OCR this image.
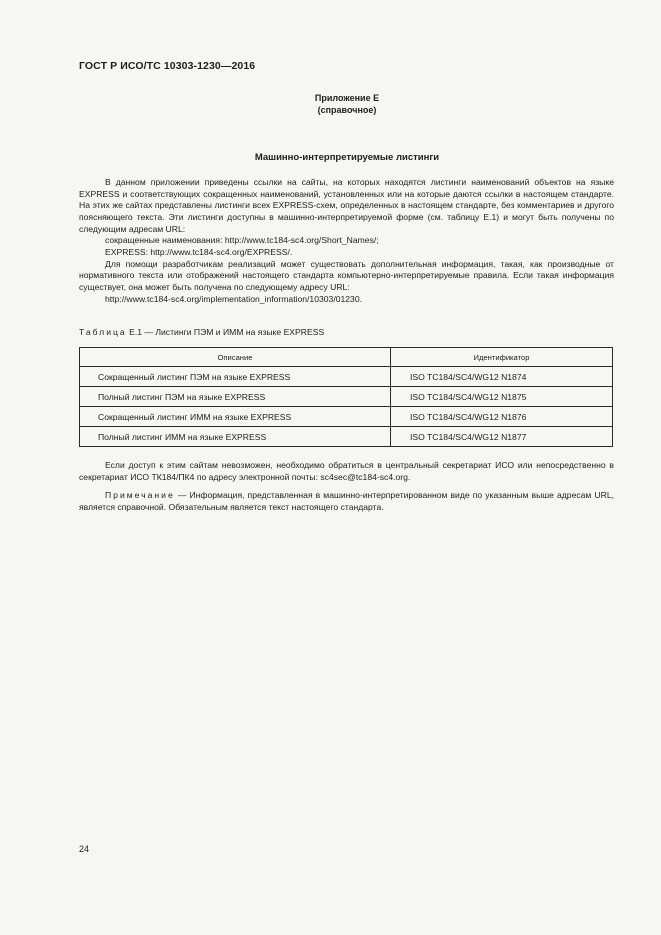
ГОСТ Р ИСО/ТС 10303-1230—2016
Приложение Е
(справочное)
Машинно-интерпретируемые листинги

В данном приложении приведены ссылки на сайты, на которых находятся листинги наименований объектов на языке EXPRESS и соответствующих сокращенных наименований, установленных или на которые даются ссылки в настоящем стандарте. На этих же сайтах представлены листинги всех EXPRESS-схем, определенных в настоящем стандарте, без комментариев и другого поясняющего текста. Эти листинги доступны в машинно-интерпретируемой форме (см. таблицу Е.1) и могут быть получены по следующим адресам URL:

сокращенные наименования: http://www.tc184-sc4.org/Short_Names/;

EXPRESS: http://www.tc184-sc4.org/EXPRESS/.

Для помощи разработчикам реализаций может существовать дополнительная информация, такая, как производные от нормативного текста или отображений настоящего стандарта компьютерно-интерпретируемые правила. Если такая информация существует, она может быть получена по следующему адресу URL:

http://www.tc184-sc4.org/implementation_information/10303/01230.

Таблица Е.1 — Листинги ПЭМ и ИММ на языке EXPRESS
Описание	Идентификатор
Сокращенный листинг ПЭМ на языке EXPRESS	ISO TC184/SC4/WG12 N1874
Полный листинг ПЭМ на языке EXPRESS	ISO TC184/SC4/WG12 N1875
Сокращенный листинг ИММ на языке EXPRESS	ISO TC184/SC4/WG12 N1876
Полный листинг ИММ на языке EXPRESS	ISO TC184/SC4/WG12 N1877

Если доступ к этим сайтам невозможен, необходимо обратиться в центральный секретариат ИСО или непосредственно в секретариат ИСО ТК184/ПК4 по адресу электронной почты: sc4sec@tc184-sc4.org.

Примечание — Информация, представленная в машинно-интерпретированном виде по указанным выше адресам URL, является справочной. Обязательным является текст настоящего стандарта.

24
